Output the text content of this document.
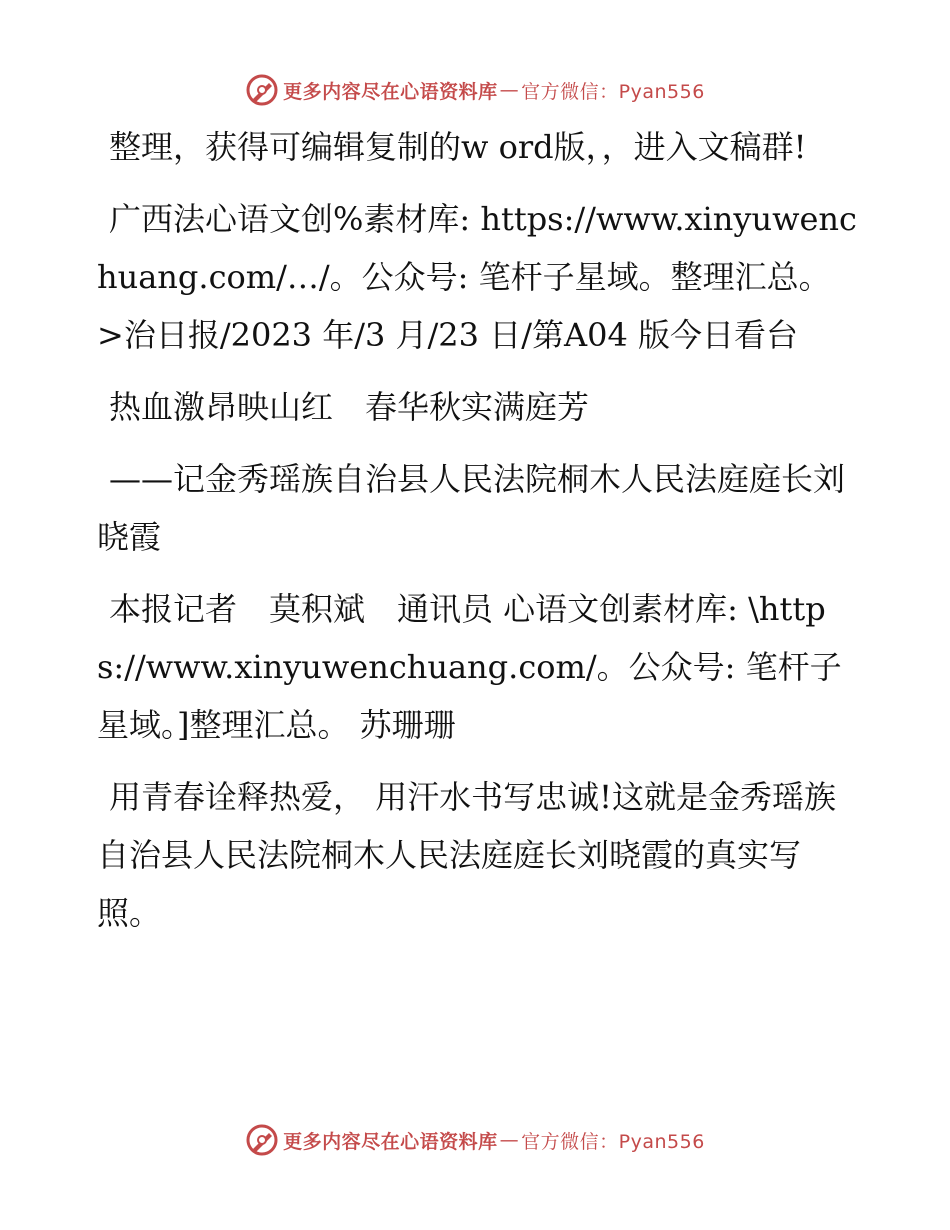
更多内容尽在心语资料库 — 官方微信：Pyan556

整理，获得可编辑复制的w ord版，，进入文稿群!

广西法心语文创%素材库: https://www.xinyuwenchuang.com/…/。公众号: 笔杆子星域。整理汇总。>治日报/2023 年/3 月/23 日/第A04 版今日看台

热血激昂映山红　春华秋实满庭芳

——记金秀瑶族自治县人民法院桐木人民法庭庭长刘晓霞

本报记者　莫积斌　通讯员 心语文创素材库: \https://www.xinyuwenchuang.com/。公众号: 笔杆子星域。]整理汇总。 苏珊珊

用青春诠释热爱， 用汗水书写忠诚!这就是金秀瑶族自治县人民法院桐木人民法庭庭长刘晓霞的真实写照。

更多内容尽在心语资料库 — 官方微信：Pyan556
